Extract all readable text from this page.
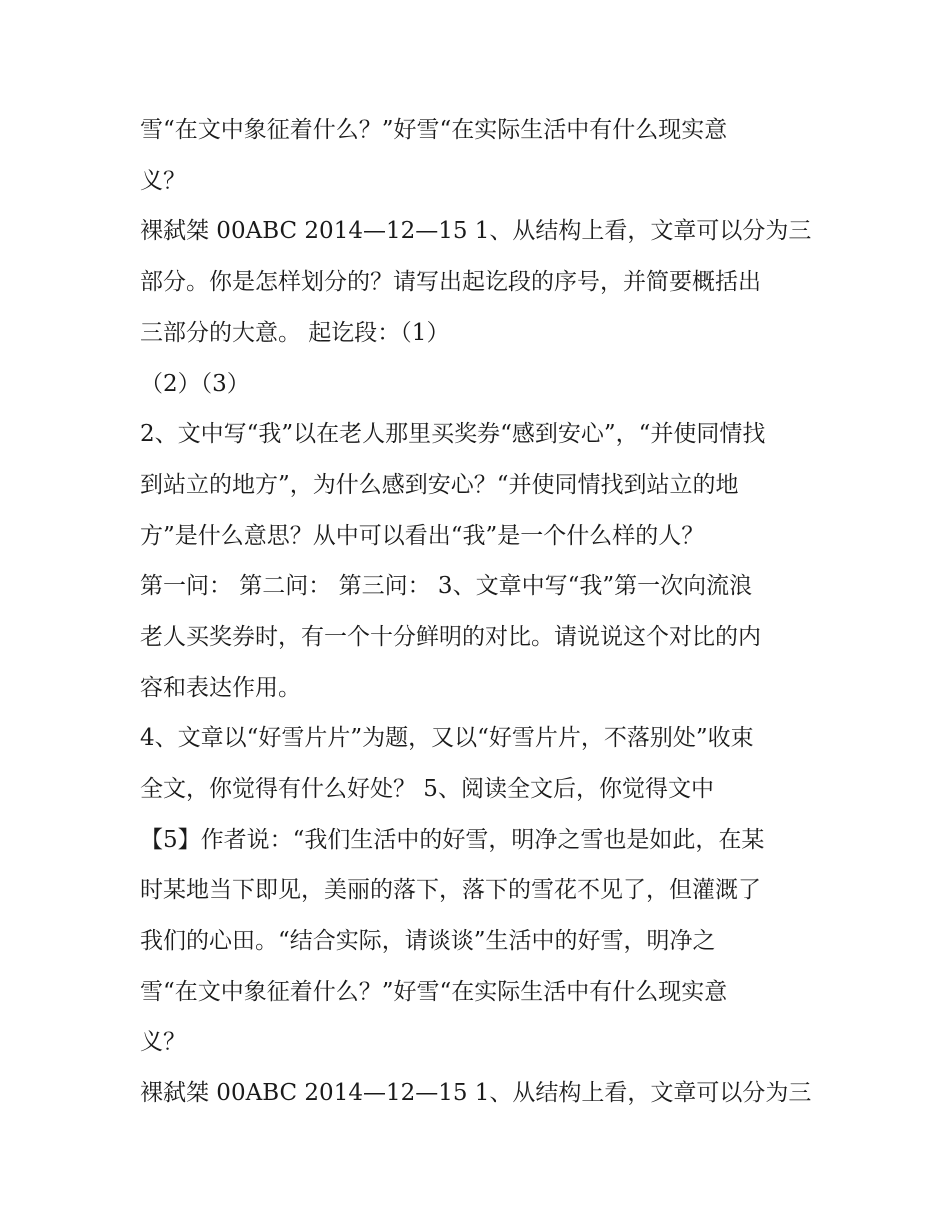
雪“在文中象征着什么？”好雪“在实际生活中有什么现实意
义？
裸弑桀 00ABC 2014—12—15 1、从结构上看，文章可以分为三
部分。你是怎样划分的？请写出起讫段的序号，并简要概括出
三部分的大意。 起讫段：（1）
（2）（3）
2、文中写“我”以在老人那里买奖券“感到安心”，“并使同情找
到站立的地方”，为什么感到安心？“并使同情找到站立的地
方”是什么意思？从中可以看出“我”是一个什么样的人？
第一问： 第二问： 第三问： 3、文章中写“我”第一次向流浪
老人买奖券时，有一个十分鲜明的对比。请说说这个对比的内
容和表达作用。
4、文章以“好雪片片”为题，又以“好雪片片，不落别处”收束
全文，你觉得有什么好处？ 5、阅读全文后，你觉得文中
【5】作者说：“我们生活中的好雪，明净之雪也是如此，在某
时某地当下即见，美丽的落下，落下的雪花不见了，但灌溉了
我们的心田。“结合实际，请谈谈”生活中的好雪，明净之
雪“在文中象征着什么？”好雪“在实际生活中有什么现实意
义？
裸弑桀 00ABC 2014—12—15 1、从结构上看，文章可以分为三
